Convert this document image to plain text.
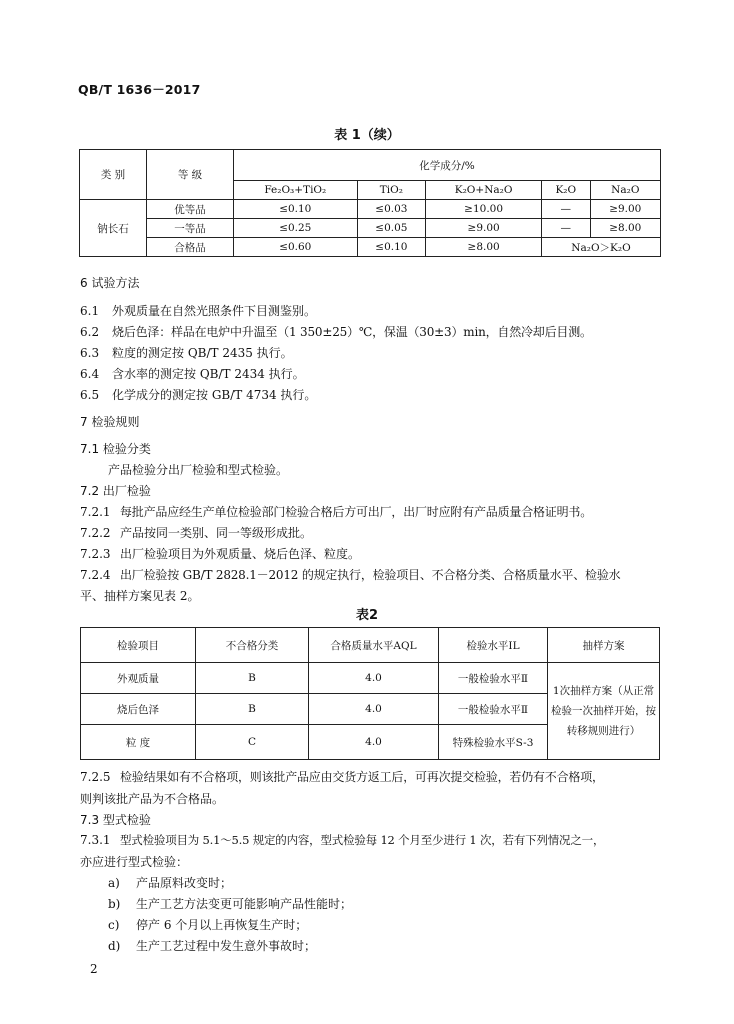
QB/T 1636－2017
表 1（续）
类 别	等 级	化学成分/%				
		Fe₂O₃+TiO₂	TiO₂	K₂O+Na₂O	K₂O	Na₂O
钠长石	优等品	≤0.10	≤0.03	≥10.00	—	≥9.00
	一等品	≤0.25	≤0.05	≥9.00	—	≥8.00
	合格品	≤0.60	≤0.10	≥8.00	Na₂O＞K₂O	
6 试验方法
6.1 外观质量在自然光照条件下目测鉴别。
6.2 烧后色泽：样品在电炉中升温至（1 350±25）℃，保温（30±3）min，自然冷却后目测。
6.3 粒度的测定按 QB/T 2435 执行。
6.4 含水率的测定按 QB/T 2434 执行。
6.5 化学成分的测定按 GB/T 4734 执行。
7 检验规则
7.1 检验分类
产品检验分出厂检验和型式检验。
7.2 出厂检验
7.2.1 每批产品应经生产单位检验部门检验合格后方可出厂，出厂时应附有产品质量合格证明书。
7.2.2 产品按同一类别、同一等级形成批。
7.2.3 出厂检验项目为外观质量、烧后色泽、粒度。
7.2.4 出厂检验按 GB/T 2828.1－2012 的规定执行，检验项目、不合格分类、合格质量水平、检验水
平、抽样方案见表 2。
表2
检验项目	不合格分类	合格质量水平AQL	检验水平IL	抽样方案
外观质量	B	4.0	一般检验水平Ⅱ	1次抽样方案（从正常
检验一次抽样开始，按
转移规则进行）

烧后色泽	B	4.0	一般检验水平Ⅱ	
粒 度	C	4.0	特殊检验水平S-3	
7.2.5 检验结果如有不合格项，则该批产品应由交货方返工后，可再次提交检验，若仍有不合格项，
则判该批产品为不合格品。
7.3 型式检验
7.3.1 型式检验项目为 5.1～5.5 规定的内容，型式检验每 12 个月至少进行 1 次，若有下列情况之一，
亦应进行型式检验：
a) 产品原料改变时；
b) 生产工艺方法变更可能影响产品性能时；
c) 停产 6 个月以上再恢复生产时；
d) 生产工艺过程中发生意外事故时；
2
